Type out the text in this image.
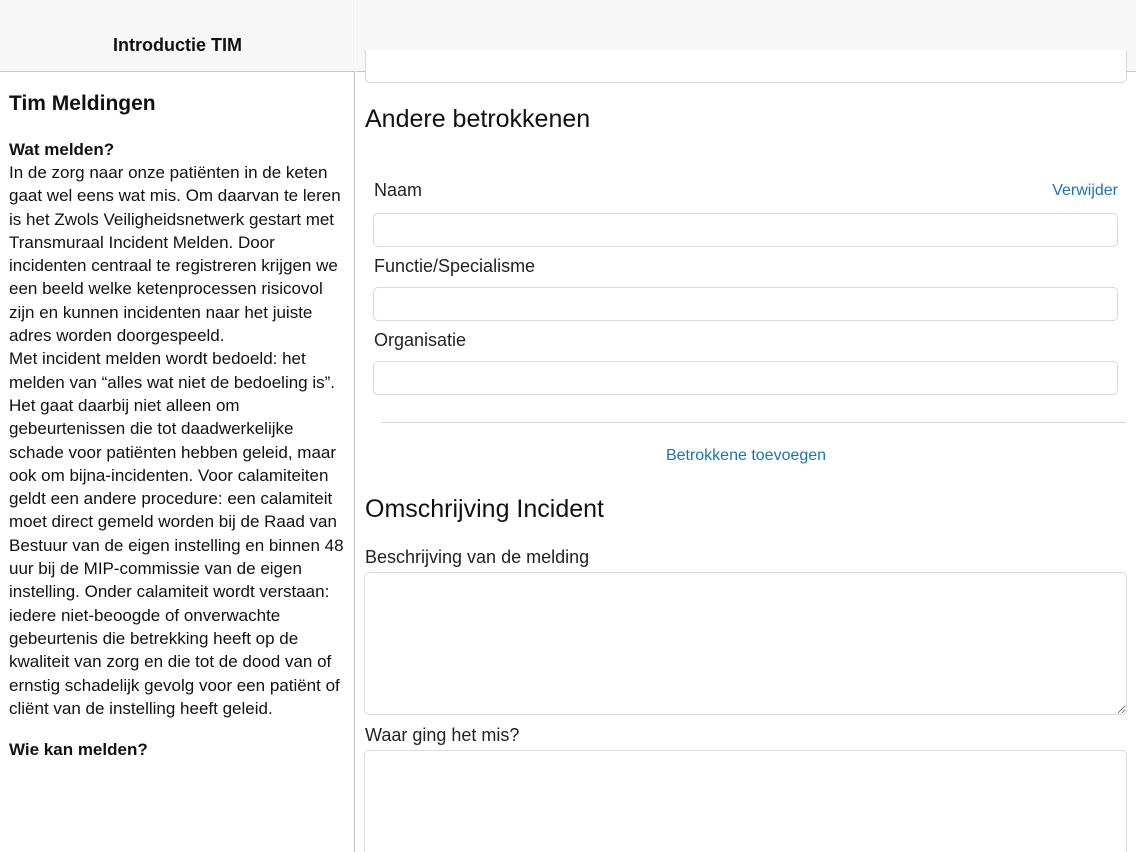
Introductie TIM
Tim Meldingen
Wat melden?
In de zorg naar onze patiënten in de keten gaat wel eens wat mis. Om daarvan te leren is het Zwols Veiligheidsnetwerk gestart met Transmuraal Incident Melden. Door incidenten centraal te registreren krijgen we een beeld welke ketenprocessen risicovol zijn en kunnen incidenten naar het juiste adres worden doorgespeeld.
Met incident melden wordt bedoeld: het melden van “alles wat niet de bedoeling is”. Het gaat daarbij niet alleen om gebeurtenissen die tot daadwerkelijke schade voor patiënten hebben geleid, maar ook om bijna-incidenten. Voor calamiteiten geldt een andere procedure: een calamiteit moet direct gemeld worden bij de Raad van Bestuur van de eigen instelling en binnen 48 uur bij de MIP-commissie van de eigen instelling. Onder calamiteit wordt verstaan: iedere niet-beoogde of onverwachte gebeurtenis die betrekking heeft op de kwaliteit van zorg en die tot de dood van of ernstig schadelijk gevolg voor een patiënt of cliënt van de instelling heeft geleid.
Wie kan melden?
Andere betrokkenen
Naam	Verwijder
Functie/Specialisme
Organisatie
Betrokkene toevoegen
Omschrijving Incident
Beschrijving van de melding
Waar ging het mis?
